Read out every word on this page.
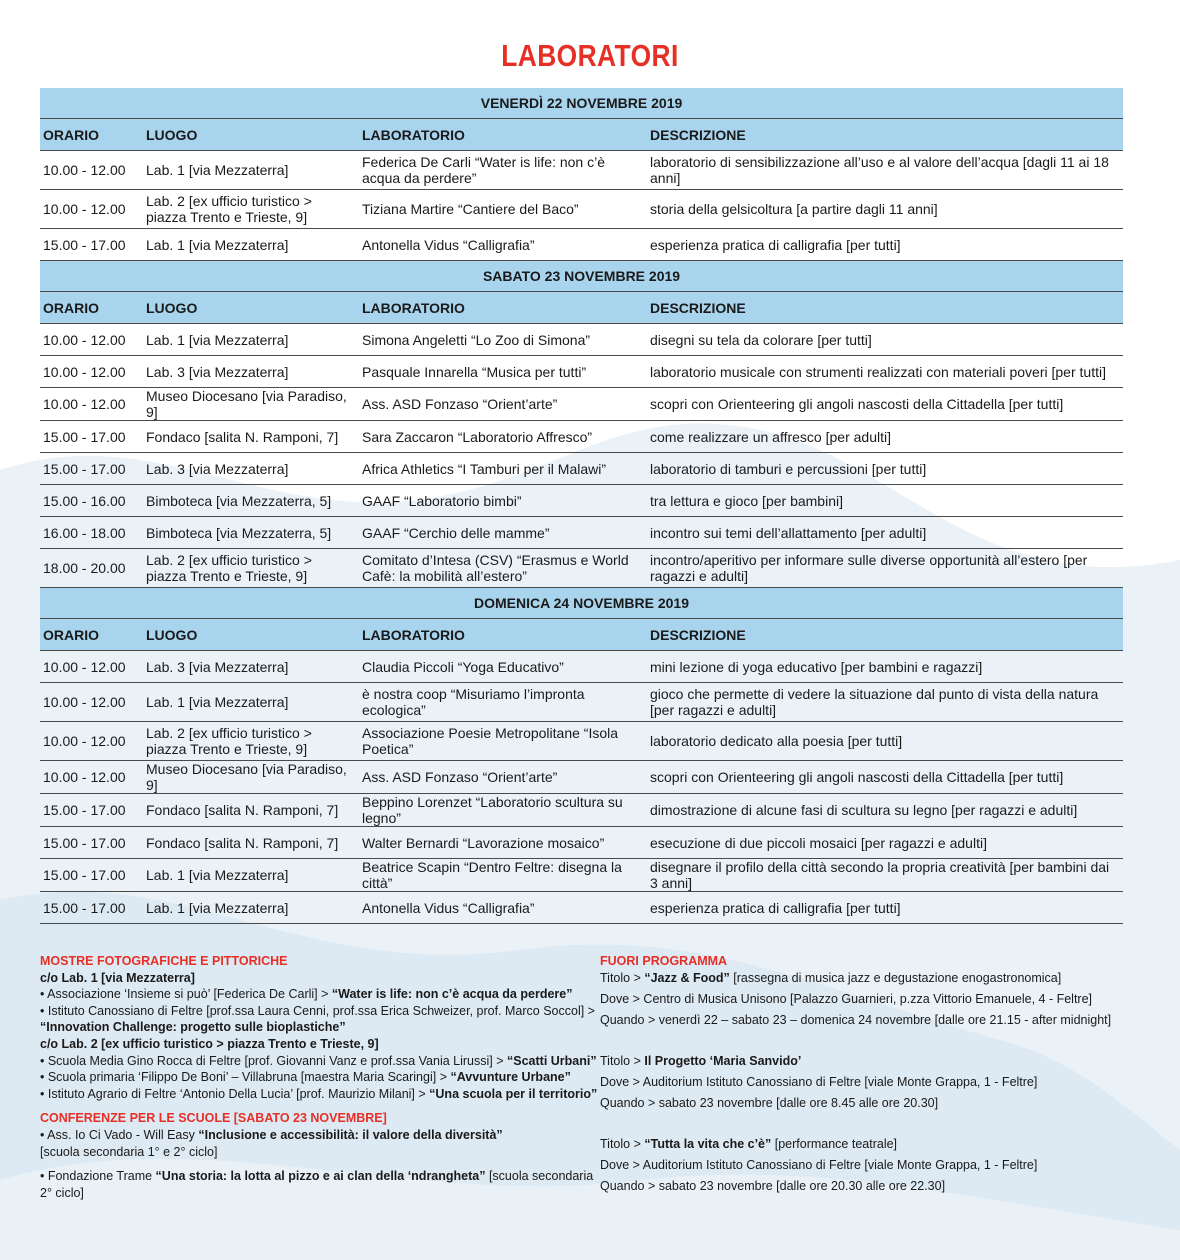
LABORATORI
VENERDÌ 22 NOVEMBRE 2019			
ORARIO	LUOGO	LABORATORIO	DESCRIZIONE
10.00 - 12.00	Lab. 1 [via Mezzaterra]	Federica De Carli “Water is life: non c’è acqua da perdere”	laboratorio di sensibilizzazione all’uso e al valore dell’acqua [dagli 11 ai 18 anni]
10.00 - 12.00	Lab. 2 [ex ufficio turistico > piazza Trento e Trieste, 9]	Tiziana Martire “Cantiere del Baco”	storia della gelsicoltura [a partire dagli 11 anni]
15.00 - 17.00	Lab. 1 [via Mezzaterra]	Antonella Vidus “Calligrafia”	esperienza pratica di calligrafia [per tutti]
SABATO 23 NOVEMBRE 2019			
ORARIO	LUOGO	LABORATORIO	DESCRIZIONE
10.00 - 12.00	Lab. 1 [via Mezzaterra]	Simona Angeletti “Lo Zoo di Simona”	disegni su tela da colorare [per tutti]
10.00 - 12.00	Lab. 3 [via Mezzaterra]	Pasquale Innarella “Musica per tutti”	laboratorio musicale con strumenti realizzati con materiali poveri [per tutti]
10.00 - 12.00	Museo Diocesano [via Paradiso, 9]	Ass. ASD Fonzaso “Orient’arte”	scopri con Orienteering gli angoli nascosti della Cittadella [per tutti]
15.00 - 17.00	Fondaco [salita N. Ramponi, 7]	Sara Zaccaron “Laboratorio Affresco”	come realizzare un affresco [per adulti]
15.00 - 17.00	Lab. 3 [via Mezzaterra]	Africa Athletics “I Tamburi per il Malawi”	laboratorio di tamburi e percussioni [per tutti]
15.00 - 16.00	Bimboteca [via Mezzaterra, 5]	GAAF “Laboratorio bimbi”	tra lettura e gioco [per bambini]
16.00 - 18.00	Bimboteca [via Mezzaterra, 5]	GAAF “Cerchio delle mamme”	incontro sui temi dell’allattamento [per adulti]
18.00 - 20.00	Lab. 2 [ex ufficio turistico > piazza Trento e Trieste, 9]	Comitato d’Intesa (CSV) “Erasmus e World Cafè: la mobilità all’estero”	incontro/aperitivo per informare sulle diverse opportunità all’estero [per ragazzi e adulti]
DOMENICA 24 NOVEMBRE 2019			
ORARIO	LUOGO	LABORATORIO	DESCRIZIONE
10.00 - 12.00	Lab. 3 [via Mezzaterra]	Claudia Piccoli “Yoga Educativo”	mini lezione di yoga educativo [per bambini e ragazzi]
10.00 - 12.00	Lab. 1 [via Mezzaterra]	è nostra coop “Misuriamo l’impronta ecologica”	gioco che permette di vedere la situazione dal punto di vista della natura [per ragazzi e adulti]
10.00 - 12.00	Lab. 2 [ex ufficio turistico > piazza Trento e Trieste, 9]	Associazione Poesie Metropolitane “Isola Poetica”	laboratorio dedicato alla poesia [per tutti]
10.00 - 12.00	Museo Diocesano [via Paradiso, 9]	Ass. ASD Fonzaso “Orient’arte”	scopri con Orienteering gli angoli nascosti della Cittadella [per tutti]
15.00 - 17.00	Fondaco [salita N. Ramponi, 7]	Beppino Lorenzet “Laboratorio scultura su legno”	dimostrazione di alcune fasi di scultura su legno [per ragazzi e adulti]
15.00 - 17.00	Fondaco [salita N. Ramponi, 7]	Walter Bernardi “Lavorazione mosaico”	esecuzione di due piccoli mosaici [per ragazzi e adulti]
15.00 - 17.00	Lab. 1 [via Mezzaterra]	Beatrice Scapin “Dentro Feltre: disegna la città”	disegnare il profilo della città secondo la propria creatività [per bambini dai 3 anni]
15.00 - 17.00	Lab. 1 [via Mezzaterra]	Antonella Vidus “Calligrafia”	esperienza pratica di calligrafia [per tutti]
MOSTRE FOTOGRAFICHE E PITTORICHE
c/o Lab. 1 [via Mezzaterra]
• Associazione ‘Insieme si può’ [Federica De Carli] > “Water is life: non c’è acqua da perdere”
• Istituto Canossiano di Feltre [prof.ssa Laura Cenni, prof.ssa Erica Schweizer, prof. Marco Soccol] >
“Innovation Challenge: progetto sulle bioplastiche”
c/o Lab. 2 [ex ufficio turistico > piazza Trento e Trieste, 9]
• Scuola Media Gino Rocca di Feltre [prof. Giovanni Vanz e prof.ssa Vania Lirussi] > “Scatti Urbani”
• Scuola primaria ‘Filippo De Boni’ – Villabruna [maestra Maria Scaringi] > “Avvunture Urbane”
• Istituto Agrario di Feltre ‘Antonio Della Lucia’ [prof. Maurizio Milani] > “Una scuola per il territorio”
CONFERENZE PER LE SCUOLE [SABATO 23 NOVEMBRE]
• Ass. Io Ci Vado - Will Easy “Inclusione e accessibilità: il valore della diversità”
[scuola secondaria 1° e 2° ciclo]
• Fondazione Trame “Una storia: la lotta al pizzo e ai clan della ‘ndrangheta” [scuola secondaria 2° ciclo]
FUORI PROGRAMMA
Titolo > “Jazz & Food” [rassegna di musica jazz e degustazione enogastronomica]
Dove > Centro di Musica Unisono [Palazzo Guarnieri, p.zza Vittorio Emanuele, 4 - Feltre]
Quando > venerdì 22 – sabato 23 – domenica 24 novembre [dalle ore 21.15 - after midnight]
Titolo > Il Progetto ‘Maria Sanvido’
Dove > Auditorium Istituto Canossiano di Feltre [viale Monte Grappa, 1 - Feltre]
Quando > sabato 23 novembre [dalle ore 8.45 alle ore 20.30]
Titolo > “Tutta la vita che c’è” [performance teatrale]
Dove > Auditorium Istituto Canossiano di Feltre [viale Monte Grappa, 1 - Feltre]
Quando > sabato 23 novembre [dalle ore 20.30 alle ore 22.30]
